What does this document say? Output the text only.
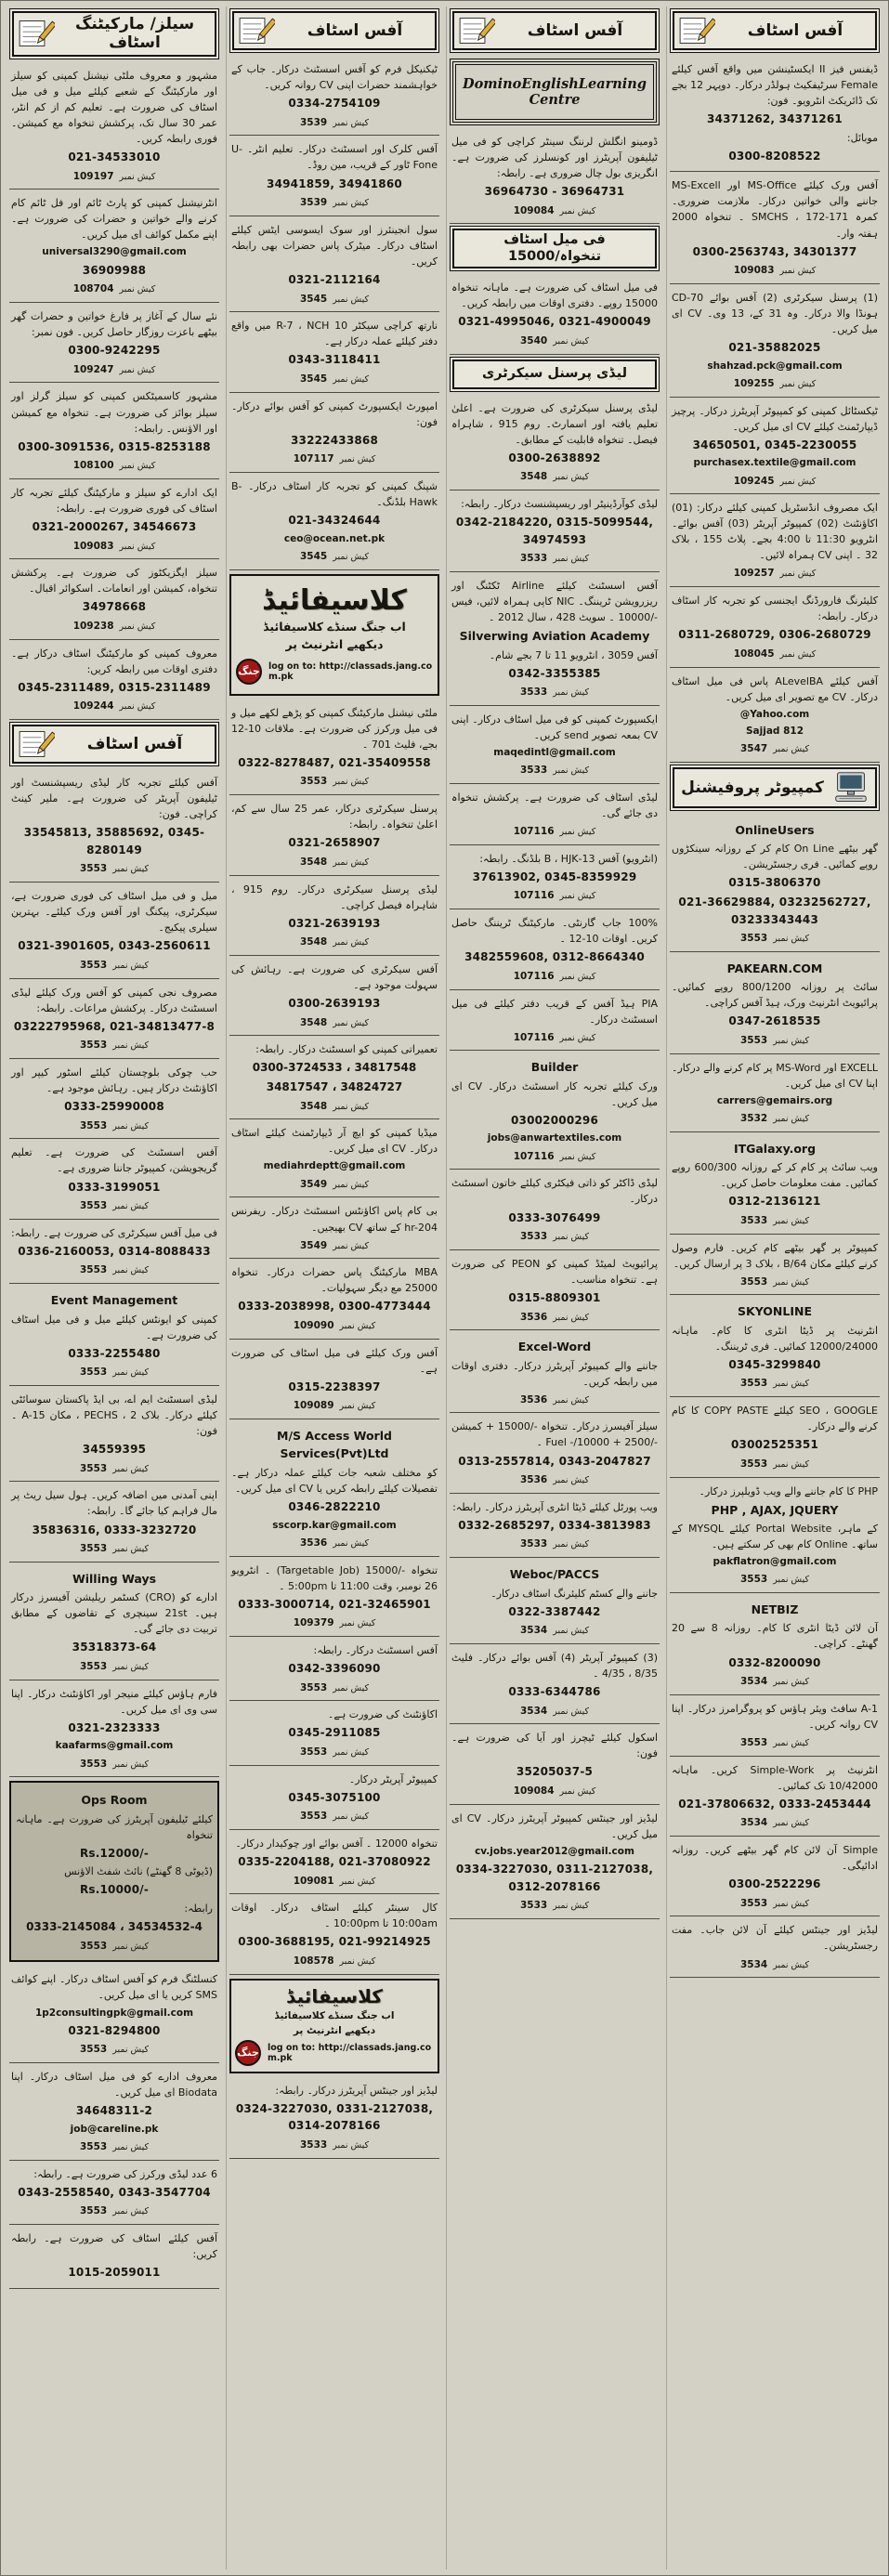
سیلز/ مارکیٹنگ اسٹاف

مشہور و معروف ملٹی نیشنل کمپنی کو سیلز اور مارکیٹنگ کے شعبے کیلئے میل و فی میل اسٹاف کی ضرورت ہے۔ تعلیم کم از کم انٹر، عمر 30 سال تک، پرکشش تنخواہ مع کمیشن۔ فوری رابطہ کریں۔

021-34533010
109197 کیش نمبر

انٹرنیشنل کمپنی کو پارٹ ٹائم اور فل ٹائم کام کرنے والے خواتین و حضرات کی ضرورت ہے۔ اپنے مکمل کوائف ای میل کریں۔

universal3290@gmail.com
36909988
108704 کیش نمبر

نئے سال کے آغاز پر فارغ خواتین و حضرات گھر بیٹھے باعزت روزگار حاصل کریں۔ فون نمبر:

0300-9242295
109247 کیش نمبر

مشہور کاسمیٹکس کمپنی کو سیلز گرلز اور سیلز بوائز کی ضرورت ہے۔ تنخواہ مع کمیشن اور الاؤنس۔ رابطہ:

0300-3091536, 0315-8253188
108100 کیش نمبر

ایک ادارے کو سیلز و مارکیٹنگ کیلئے تجربہ کار اسٹاف کی فوری ضرورت ہے۔ رابطہ:

0321-2000267, 34546673
109083 کیش نمبر

سیلز ایگزیکٹوز کی ضرورت ہے۔ پرکشش تنخواہ، کمیشن اور انعامات۔ اسکوائر اقبال۔

34978668
109238 کیش نمبر

معروف کمپنی کو مارکیٹنگ اسٹاف درکار ہے۔ دفتری اوقات میں رابطہ کریں:

0345-2311489, 0315-2311489
109244 کیش نمبر
آفس اسٹاف

آفس کیلئے تجربہ کار لیڈی ریسپشنسٹ اور ٹیلیفون آپریٹر کی ضرورت ہے۔ ملیر کینٹ کراچی۔ فون:

33545813, 35885692, 0345-8280149
3553 کیش نمبر

میل و فی میل اسٹاف کی فوری ضرورت ہے، سیکرٹری، پیکنگ اور آفس ورک کیلئے۔ بہترین سیلری پیکیج۔

0321-3901605, 0343-2560611
3553 کیش نمبر

مصروف نجی کمپنی کو آفس ورک کیلئے لیڈی اسسٹنٹ درکار۔ پرکشش مراعات۔ رابطہ:

03222795968, 021-34813477-8
3553 کیش نمبر

حب چوکی بلوچستان کیلئے اسٹور کیپر اور اکاؤنٹنٹ درکار ہیں۔ رہائش موجود ہے۔

0333-25990008
3553 کیش نمبر

آفس اسسٹنٹ کی ضرورت ہے۔ تعلیم گریجویشن، کمپیوٹر جاننا ضروری ہے۔

0333-3199051
3553 کیش نمبر

فی میل آفس سیکرٹری کی ضرورت ہے۔ رابطہ:

0336-2160053, 0314-8088433
3553 کیش نمبر
Event Management

کمپنی کو ایونٹس کیلئے میل و فی میل اسٹاف کی ضرورت ہے۔

0333-2255480
3553 کیش نمبر

لیڈی اسسٹنٹ ایم اے، بی ایڈ پاکستان سوسائٹی کیلئے درکار۔ بلاک 2 ، PECHS ، مکان A-15 ۔ فون:

34559395
3553 کیش نمبر

اپنی آمدنی میں اضافہ کریں۔ ہول سیل ریٹ پر مال فراہم کیا جائے گا۔ رابطہ:

35836316, 0333-3232720
3553 کیش نمبر
Willing Ways

ادارے کو (CRO) کسٹمر ریلیشن آفیسرز درکار ہیں۔ 21st سینچری کے تقاضوں کے مطابق تربیت دی جائے گی۔

35318373-64
3553 کیش نمبر

فارم ہاؤس کیلئے منیجر اور اکاؤنٹنٹ درکار۔ اپنا سی وی ای میل کریں۔

0321-2323333
kaafarms@gmail.com
3553 کیش نمبر
Ops Room

کیلئے ٹیلیفون آپریٹرز کی ضرورت ہے۔ ماہانہ تنخواہ

Rs.12000/-

(ڈیوٹی 8 گھنٹے) نائٹ شفٹ الاؤنس

Rs.10000/-

رابطہ:

0333-2145084 ، 34534532-4
3553 کیش نمبر

کنسلٹنگ فرم کو آفس اسٹاف درکار۔ اپنے کوائف SMS کریں یا ای میل کریں۔

1p2consultingpk@gmail.com
0321-8294800
3553 کیش نمبر

معروف ادارے کو فی میل اسٹاف درکار۔ اپنا Biodata ای میل کریں۔

34648311-2
job@careline.pk
3553 کیش نمبر

6 عدد لیڈی ورکرز کی ضرورت ہے۔ رابطہ:

0343-2558540, 0343-3547704
3553 کیش نمبر

آفس کیلئے اسٹاف کی ضرورت ہے۔ رابطہ کریں:

1015-2059011
آفس اسٹاف

ٹیکنیکل فرم کو آفس اسسٹنٹ درکار۔ جاب کے خواہشمند حضرات اپنی CV روانہ کریں۔

0334-2754109
3539 کیش نمبر

آفس کلرک اور اسسٹنٹ درکار۔ تعلیم انٹر۔ U-Fone ٹاور کے قریب، مین روڈ۔

34941859, 34941860
3539 کیش نمبر

سول انجینئرز اور سوک ایسوسی ایٹس کیلئے اسٹاف درکار۔ میٹرک پاس حضرات بھی رابطہ کریں۔

0321-2112164
3545 کیش نمبر

نارتھ کراچی سیکٹر R-7 ، NCH 10 میں واقع دفتر کیلئے عملہ درکار ہے۔

0343-3118411
3545 کیش نمبر

امپورٹ ایکسپورٹ کمپنی کو آفس بوائے درکار۔ فون:

33222433868
107117 کیش نمبر

شپنگ کمپنی کو تجربہ کار اسٹاف درکار۔ B-Hawk بلڈنگ۔

021-34324644
ceo@ocean.net.pk
3545 کیش نمبر
کلاسیفائیڈ
اب جنگ سنڈے کلاسیفائیڈ
دیکھیے انٹرنیٹ پر
جنگ log on to: http://classads.jang.com.pk

ملٹی نیشنل مارکیٹنگ کمپنی کو پڑھے لکھے میل و فی میل ورکرز کی ضرورت ہے۔ ملاقات 10-12 بجے، فلیٹ 701 ۔

0322-8278487, 021-35409558
3553 کیش نمبر

پرسنل سیکرٹری درکار، عمر 25 سال سے کم، اعلیٰ تنخواہ۔ رابطہ:

0321-2658907
3548 کیش نمبر

لیڈی پرسنل سیکرٹری درکار۔ روم 915 ، شاہراہ فیصل کراچی۔

0321-2639193
3548 کیش نمبر

آفس سیکرٹری کی ضرورت ہے۔ رہائش کی سہولت موجود ہے۔

0300-2639193
3548 کیش نمبر

تعمیراتی کمپنی کو اسسٹنٹ درکار۔ رابطہ:

0300-3724533 ، 34817548
34817547 ، 34824727
3548 کیش نمبر

میڈیا کمپنی کو ایچ آر ڈیپارٹمنٹ کیلئے اسٹاف درکار۔ CV ای میل کریں۔

mediahrdeptt@gmail.com
3549 کیش نمبر

بی کام پاس اکاؤنٹس اسسٹنٹ درکار۔ ریفرنس hr-204 کے ساتھ CV بھیجیں۔

3549 کیش نمبر

MBA مارکیٹنگ پاس حضرات درکار۔ تنخواہ 25000 مع دیگر سہولیات۔

0333-2038998, 0300-4773444
109090 کیش نمبر

آفس ورک کیلئے فی میل اسٹاف کی ضرورت ہے۔

0315-2238397
109089 کیش نمبر
M/S Access World Services(Pvt)Ltd

کو مختلف شعبہ جات کیلئے عملہ درکار ہے۔ تفصیلات کیلئے رابطہ کریں یا CV ای میل کریں۔

0346-2822210
sscorp.kar@gmail.com
3536 کیش نمبر

تنخواہ -/15000 (Targetable Job) ۔ انٹرویو 26 نومبر، وقت 11:00 تا 5:00pm ۔

0333-3000714, 021-32465901
109379 کیش نمبر

آفس اسسٹنٹ درکار۔ رابطہ:

0342-3396090
3553 کیش نمبر

اکاؤنٹنٹ کی ضرورت ہے۔

0345-2911085
3553 کیش نمبر

کمپیوٹر آپریٹر درکار۔

0345-3075100
3553 کیش نمبر

تنخواہ 12000 ۔ آفس بوائے اور چوکیدار درکار۔

0335-2204188, 021-37080922
109081 کیش نمبر

کال سینٹر کیلئے اسٹاف درکار۔ اوقات 10:00am تا 10:00pm ۔

0300-3688195, 021-99214925
108578 کیش نمبر
کلاسیفائیڈ
اب جنگ سنڈے کلاسیفائیڈ
دیکھیے انٹرنیٹ پر
جنگ log on to: http://classads.jang.com.pk

لیڈیز اور جینٹس آپریٹرز درکار۔ رابطہ:

0324-3227030, 0331-2127038, 0314-2078166
3533 کیش نمبر
آفس اسٹاف
DominoEnglishLearningCentre

ڈومینو انگلش لرننگ سینٹر کراچی کو فی میل ٹیلیفون آپریٹرز اور کونسلرز کی ضرورت ہے۔ انگریزی بول چال ضروری ہے۔ رابطہ:

36964730 - 36964731
109084 کیش نمبر
فی میل اسٹاف تنخواہ/15000

فی میل اسٹاف کی ضرورت ہے۔ ماہانہ تنخواہ 15000 روپے۔ دفتری اوقات میں رابطہ کریں۔

0321-4995046, 0321-4900049
3540 کیش نمبر
لیڈی پرسنل سیکرٹری

لیڈی پرسنل سیکرٹری کی ضرورت ہے۔ اعلیٰ تعلیم یافتہ اور اسمارٹ۔ روم 915 ، شاہراہ فیصل۔ تنخواہ قابلیت کے مطابق۔

0300-2638892
3548 کیش نمبر

لیڈی کوآرڈینیٹر اور ریسپشنسٹ درکار۔ رابطہ:

0342-2184220, 0315-5099544, 34974593
3533 کیش نمبر

آفس اسسٹنٹ کیلئے Airline ٹکٹنگ اور ریزرویشن ٹریننگ۔ NIC کاپی ہمراہ لائیں، فیس -/10000 ۔ سویٹ 428 ، سال 2012 ۔

Silverwing Aviation Academy

آفس 3059 ، انٹرویو 11 تا 7 بجے شام۔

0342-3355385
3533 کیش نمبر

ایکسپورٹ کمپنی کو فی میل اسٹاف درکار۔ اپنی CV بمعہ تصویر send کریں۔

maqedintl@gmail.com
3533 کیش نمبر

لیڈی اسٹاف کی ضرورت ہے۔ پرکشش تنخواہ دی جائے گی۔

107116 کیش نمبر

(انٹرویو) آفس 13-B ، HJK بلڈنگ۔ رابطہ:

37613902, 0345-8359929
107116 کیش نمبر

100% جاب گارنٹی۔ مارکیٹنگ ٹریننگ حاصل کریں۔ اوقات 10-12 ۔

3482559608, 0312-8664340
107116 کیش نمبر

PIA ہیڈ آفس کے قریب دفتر کیلئے فی میل اسسٹنٹ درکار۔

107116 کیش نمبر
Builder

ورک کیلئے تجربہ کار اسسٹنٹ درکار۔ CV ای میل کریں۔

03002000296
jobs@anwartextiles.com
107116 کیش نمبر

لیڈی ڈاکٹر کو ذاتی فیکٹری کیلئے خاتون اسسٹنٹ درکار۔

0333-3076499
3533 کیش نمبر

پرائیویٹ لمیٹڈ کمپنی کو PEON کی ضرورت ہے۔ تنخواہ مناسب۔

0315-8809301
3536 کیش نمبر
Excel-Word

جاننے والے کمپیوٹر آپریٹرز درکار۔ دفتری اوقات میں رابطہ کریں۔

3536 کیش نمبر

سیلز آفیسرز درکار۔ تنخواہ -/15000 + کمیشن -/2500 + Fuel -/10000 ۔

0313-2557814, 0343-2047827
3536 کیش نمبر

ویب پورٹل کیلئے ڈیٹا انٹری آپریٹرز درکار۔ رابطہ:

0332-2685297, 0334-3813983
3533 کیش نمبر
Weboc/PACCS

جاننے والے کسٹم کلیئرنگ اسٹاف درکار۔

0322-3387442
3534 کیش نمبر

(3) کمپیوٹر آپریٹر (4) آفس بوائے درکار۔ فلیٹ 8/35 ، 4/35 ۔

0333-6344786
3534 کیش نمبر

اسکول کیلئے ٹیچرز اور آیا کی ضرورت ہے۔ فون:

35205037-5
109084 کیش نمبر

لیڈیز اور جینٹس کمپیوٹر آپریٹرز درکار۔ CV ای میل کریں۔

cv.jobs.year2012@gmail.com
0334-3227030, 0311-2127038, 0312-2078166
3533 کیش نمبر
آفس اسٹاف

ڈیفنس فیز II ایکسٹینشن میں واقع آفس کیلئے Female سرٹیفکیٹ ہولڈر درکار۔ دوپہر 12 بجے تک ڈائریکٹ انٹرویو۔ فون:

34371262, 34371261

موبائل:

0300-8208522

آفس ورک کیلئے MS-Office اور MS-Excell جاننے والی خواتین درکار۔ ملازمت ضروری۔ کمرہ 171-172 ، SMCHS ۔ تنخواہ 2000 ہفتہ وار۔

0300-2563743, 34301377
109083 کیش نمبر

(1) پرسنل سیکرٹری (2) آفس بوائے CD-70 ہونڈا والا درکار۔ وہ 31 کے، 13 وی۔ CV ای میل کریں۔

021-35882025
shahzad.pck@gmail.com
109255 کیش نمبر

ٹیکسٹائل کمپنی کو کمپیوٹر آپریٹرز درکار۔ پرچیز ڈیپارٹمنٹ کیلئے CV ای میل کریں۔

34650501, 0345-2230055
purchasex.textile@gmail.com
109245 کیش نمبر

ایک مصروف انڈسٹریل کمپنی کیلئے درکار: (01) اکاؤنٹنٹ (02) کمپیوٹر آپریٹر (03) آفس بوائے۔ انٹرویو 11:30 تا 4:00 بجے۔ پلاٹ 155 ، بلاک 32 ۔ اپنی CV ہمراہ لائیں۔

109257 کیش نمبر

کلیئرنگ فارورڈنگ ایجنسی کو تجربہ کار اسٹاف درکار۔ رابطہ:

0311-2680729, 0306-2680729
108045 کیش نمبر

آفس کیلئے ALevelBA پاس فی میل اسٹاف درکار۔ CV مع تصویر ای میل کریں۔

@Yahoo.com
Sajjad 812
3547 کیش نمبر
کمپیوٹر پروفیشنل
OnlineUsers

گھر بیٹھے On Line کام کر کے روزانہ سینکڑوں روپے کمائیں۔ فری رجسٹریشن۔

0315-3806370
021-36629884, 03232562727, 03233343443
3553 کیش نمبر
PAKEARN.COM

سائٹ پر روزانہ 800/1200 روپے کمائیں۔ پرائیویٹ انٹرنیٹ ورک، ہیڈ آفس کراچی۔

0347-2618535
3553 کیش نمبر

EXCELL اور MS-Word پر کام کرنے والے درکار۔ اپنا CV ای میل کریں۔

carrers@gemairs.org
3532 کیش نمبر
ITGalaxy.org

ویب سائٹ پر کام کر کے روزانہ 600/300 روپے کمائیں۔ مفت معلومات حاصل کریں۔

0312-2136121
3533 کیش نمبر

کمپیوٹر پر گھر بیٹھے کام کریں۔ فارم وصول کرنے کیلئے مکان 64/B ، بلاک 3 پر ارسال کریں۔

3553 کیش نمبر
SKYONLINE

انٹرنیٹ پر ڈیٹا انٹری کا کام۔ ماہانہ 12000/24000 کمائیں۔ فری ٹریننگ۔

0345-3299840
3553 کیش نمبر

SEO ، GOOGLE کیلئے COPY PASTE کا کام کرنے والے درکار۔

03002525351
3553 کیش نمبر

PHP کا کام جاننے والے ویب ڈویلپرز درکار۔

PHP , AJAX, JQUERY

کے ماہر، Portal Website کیلئے MYSQL کے ساتھ۔ Online کام بھی کر سکتے ہیں۔

pakflatron@gmail.com
3553 کیش نمبر
NETBIZ

آن لائن ڈیٹا انٹری کا کام۔ روزانہ 8 سے 20 گھنٹے۔ کراچی۔

0332-8200090
3534 کیش نمبر

A-1 سافٹ ویئر ہاؤس کو پروگرامرز درکار۔ اپنا CV روانہ کریں۔

3553 کیش نمبر

انٹرنیٹ پر Simple-Work کریں۔ ماہانہ 10/42000 تک کمائیں۔

021-37806632, 0333-2453444
3534 کیش نمبر

Simple آن لائن کام گھر بیٹھے کریں۔ روزانہ ادائیگی۔

0300-2522296
3553 کیش نمبر

لیڈیز اور جینٹس کیلئے آن لائن جاب۔ مفت رجسٹریشن۔

3534 کیش نمبر
